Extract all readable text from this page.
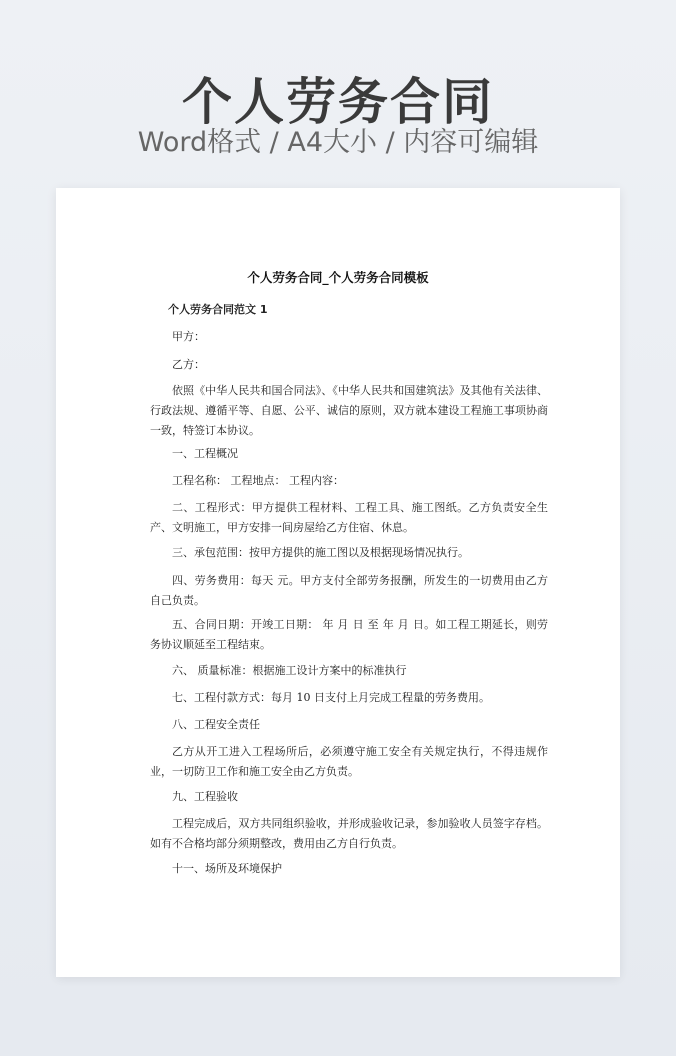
个人劳务合同
Word格式 / A4大小 / 内容可编辑
个人劳务合同_个人劳务合同模板
个人劳务合同范文 1
甲方：
乙方：
依照《中华人民共和国合同法》、《中华人民共和国建筑法》及其他有关法律、行政法规、遵循平等、自愿、公平、诚信的原则，双方就本建设工程施工事项协商一致，特签订本协议。
一、工程概况
工程名称： 工程地点： 工程内容：
二、工程形式：甲方提供工程材料、工程工具、施工图纸。乙方负责安全生产、文明施工，甲方安排一间房屋给乙方住宿、休息。
三、承包范围：按甲方提供的施工图以及根据现场情况执行。
四、劳务费用：每天 元。甲方支付全部劳务报酬，所发生的一切费用由乙方自己负责。
五、合同日期：开竣工日期： 年 月 日 至 年 月 日。如工程工期延长，则劳务协议顺延至工程结束。
六、 质量标准：根据施工设计方案中的标准执行
七、工程付款方式：每月 10 日支付上月完成工程量的劳务费用。
八、工程安全责任
乙方从开工进入工程场所后，必须遵守施工安全有关规定执行，不得违规作业，一切防卫工作和施工安全由乙方负责。
九、工程验收
工程完成后，双方共同组织验收，并形成验收记录，参加验收人员签字存档。如有不合格均部分须期整改，费用由乙方自行负责。
十一、场所及环境保护
